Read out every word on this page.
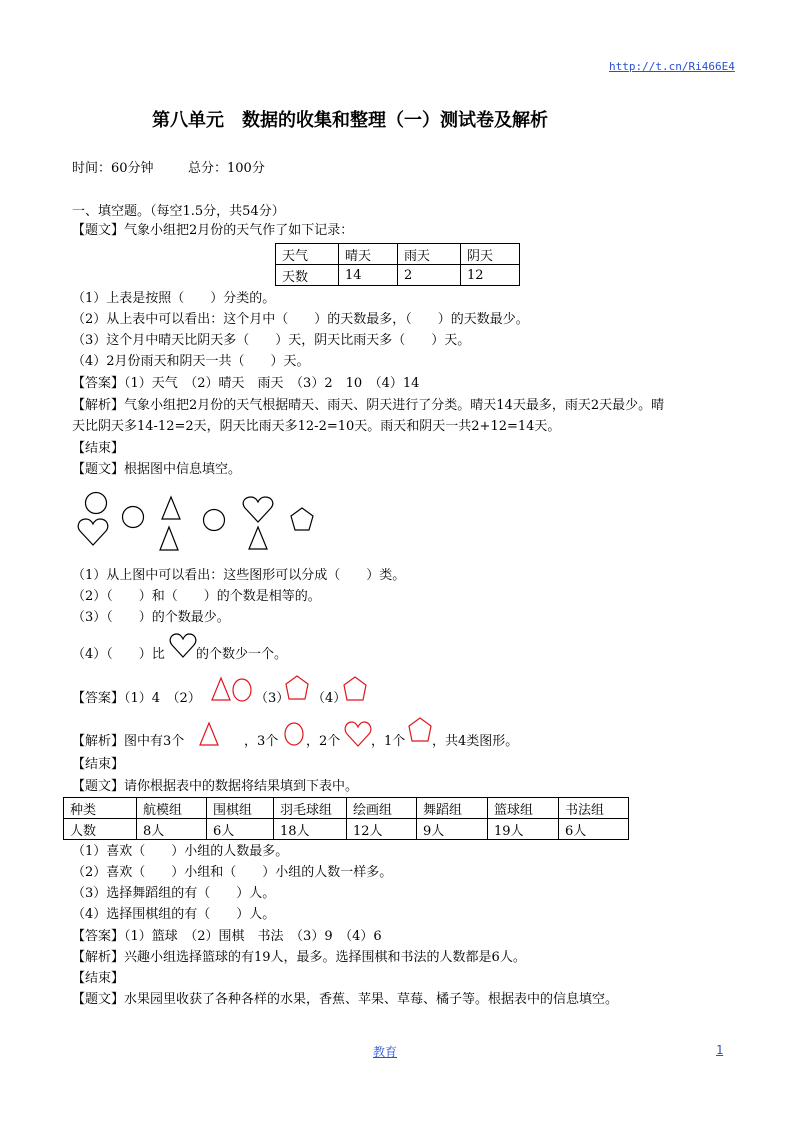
http://t.cn/Ri466E4
第八单元　数据的收集和整理（一）测试卷及解析
时间：60分钟	总分：100分
一、填空题。（每空1.5分，共54分）
【题文】气象小组把2月份的天气作了如下记录：
天气	晴天	雨天	阴天
天数	14	2	12
（1）上表是按照（　　）分类的。
（2）从上表中可以看出：这个月中（　　）的天数最多，（　　）的天数最少。
（3）这个月中晴天比阴天多（　　）天，阴天比雨天多（　　）天。
（4）2月份雨天和阴天一共（　　）天。
【答案】（1）天气　（2）晴天　雨天　（3）2　10　（4）14
【解析】气象小组把2月份的天气根据晴天、雨天、阴天进行了分类。晴天14天最多，雨天2天最少。晴
天比阴天多14-12=2天，阴天比雨天多12-2=10天。雨天和阴天一共2+12=14天。
【结束】
【题文】根据图中信息填空。
（1）从上图中可以看出：这些图形可以分成（　　）类。
（2）（　　）和（　　）的个数是相等的。
（3）（　　）的个数最少。
（4）（　　）比 的个数少一个。
【答案】（1）4　（2）	（3） （4）
【解析】图中有3个	，3个 ，2个 ，1个 ，共4类图形。
【结束】
【题文】请你根据表中的数据将结果填到下表中。
种类	航模组	围棋组	羽毛球组	绘画组	舞蹈组	篮球组	书法组
人数	8人	6人	18人	12人	9人	19人	6人
（1）喜欢（　　）小组的人数最多。
（2）喜欢（　　）小组和（　　）小组的人数一样多。
（3）选择舞蹈组的有（　　）人。
（4）选择围棋组的有（　　）人。
【答案】（1）篮球　（2）围棋　书法　（3）9　（4）6
【解析】兴趣小组选择篮球的有19人，最多。选择围棋和书法的人数都是6人。
【结束】
【题文】水果园里收获了各种各样的水果，香蕉、苹果、草莓、橘子等。根据表中的信息填空。
教育	1
